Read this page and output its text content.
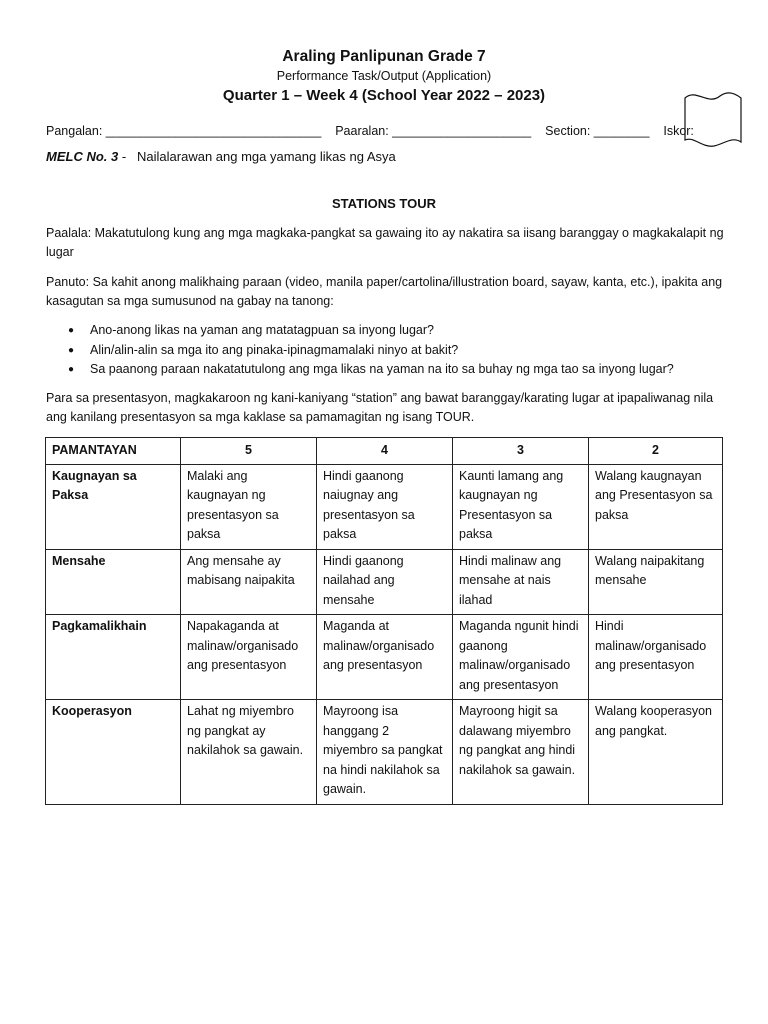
Araling Panlipunan Grade 7
Performance Task/Output (Application)
Quarter 1 – Week 4 (School Year 2022 – 2023)
Pangalan: _______________________________ Paaralan: ____________________ Section: ________ Iskor:
MELC No. 3 -   Nailalarawan ang mga yamang likas ng Asya
STATIONS TOUR
Paalala: Makatutulong kung ang mga magkaka-pangkat sa gawaing ito ay nakatira sa iisang baranggay o magkakalapit ng lugar
Panuto: Sa kahit anong malikhaing paraan (video, manila paper/cartolina/illustration board, sayaw, kanta, etc.), ipakita ang kasagutan sa mga sumusunod na gabay na tanong:
● Ano-anong likas na yaman ang matatagpuan sa inyong lugar?
● Alin/alin-alin sa mga ito ang pinaka-ipinagmamalaki ninyo at bakit?
● Sa paanong paraan nakatatutulong ang mga likas na yaman na ito sa buhay ng mga tao sa inyong lugar?
Para sa presentasyon, magkakaroon ng kani-kaniyang “station” ang bawat baranggay/karating lugar at ipapaliwanag nila ang kanilang presentasyon sa mga kaklase sa pamamagitan ng isang TOUR.
PAMANTAYAN	5	4	3	2
Kaugnayan sa Paksa	Malaki ang kaugnayan ng presentasyon sa paksa	Hindi gaanong naiugnay ang presentasyon sa paksa	Kaunti lamang ang kaugnayan ng Presentasyon sa paksa	Walang kaugnayan ang Presentasyon sa paksa
Mensahe	Ang mensahe ay mabisang naipakita	Hindi gaanong nailahad ang mensahe	Hindi malinaw ang mensahe at nais ilahad	Walang naipakitang mensahe
Pagkamalikhain	Napakaganda at malinaw/organisado ang presentasyon	Maganda at malinaw/organisado ang presentasyon	Maganda ngunit hindi gaanong malinaw/organisado ang presentasyon	Hindi malinaw/organisado ang presentasyon
Kooperasyon	Lahat ng miyembro ng pangkat ay nakilahok sa gawain.	Mayroong isa hanggang 2 miyembro sa pangkat na hindi nakilahok sa gawain.	Mayroong higit sa dalawang miyembro ng pangkat ang hindi nakilahok sa gawain.	Walang kooperasyon ang pangkat.
